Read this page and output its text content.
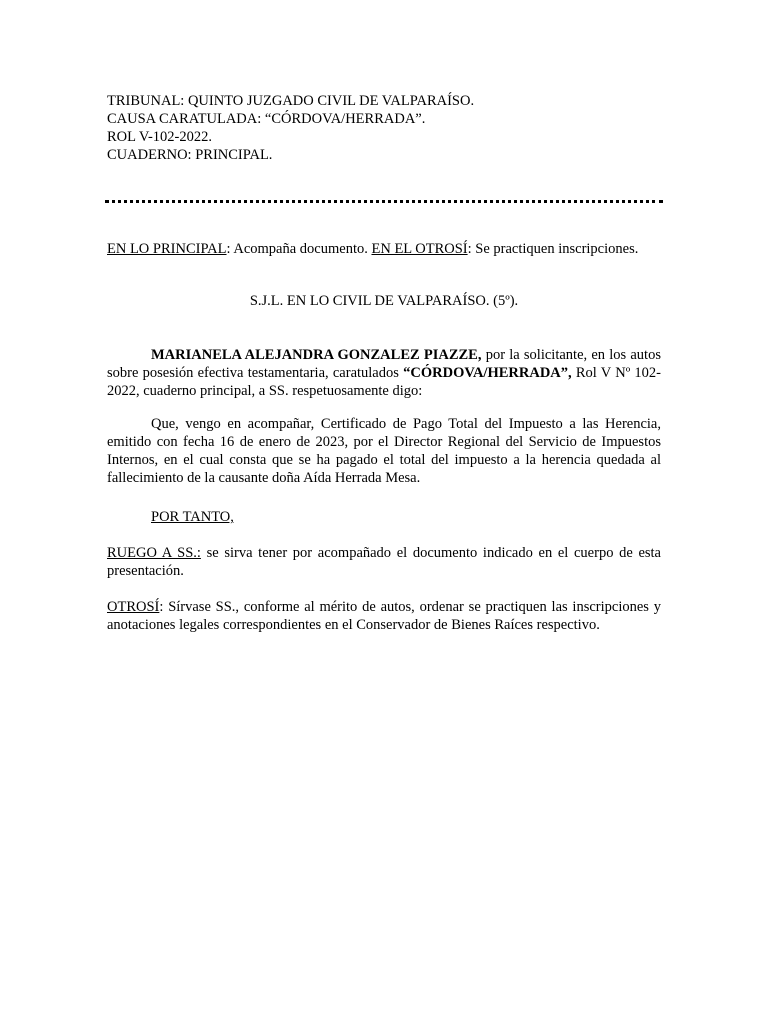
TRIBUNAL: QUINTO JUZGADO CIVIL DE VALPARAÍSO.
CAUSA CARATULADA: “CÓRDOVA/HERRADA”.
ROL V-102-2022.
CUADERNO: PRINCIPAL.
EN LO PRINCIPAL: Acompaña documento. EN EL OTROSÍ: Se practiquen inscripciones.
S.J.L. EN LO CIVIL DE VALPARAÍSO. (5º).
MARIANELA ALEJANDRA GONZALEZ PIAZZE, por la solicitante, en los autos sobre posesión efectiva testamentaria, caratulados “CÓRDOVA/HERRADA”, Rol V Nº 102-2022, cuaderno principal, a SS. respetuosamente digo:
Que, vengo en acompañar, Certificado de Pago Total del Impuesto a las Herencia, emitido con fecha 16 de enero de 2023, por el Director Regional del Servicio de Impuestos Internos, en el cual consta que se ha pagado el total del impuesto a la herencia quedada al fallecimiento de la causante doña Aída Herrada Mesa.
POR TANTO,
RUEGO A SS.: se sirva tener por acompañado el documento indicado en el cuerpo de esta presentación.
OTROSÍ: Sírvase SS., conforme al mérito de autos, ordenar se practiquen las inscripciones y anotaciones legales correspondientes en el Conservador de Bienes Raíces respectivo.
